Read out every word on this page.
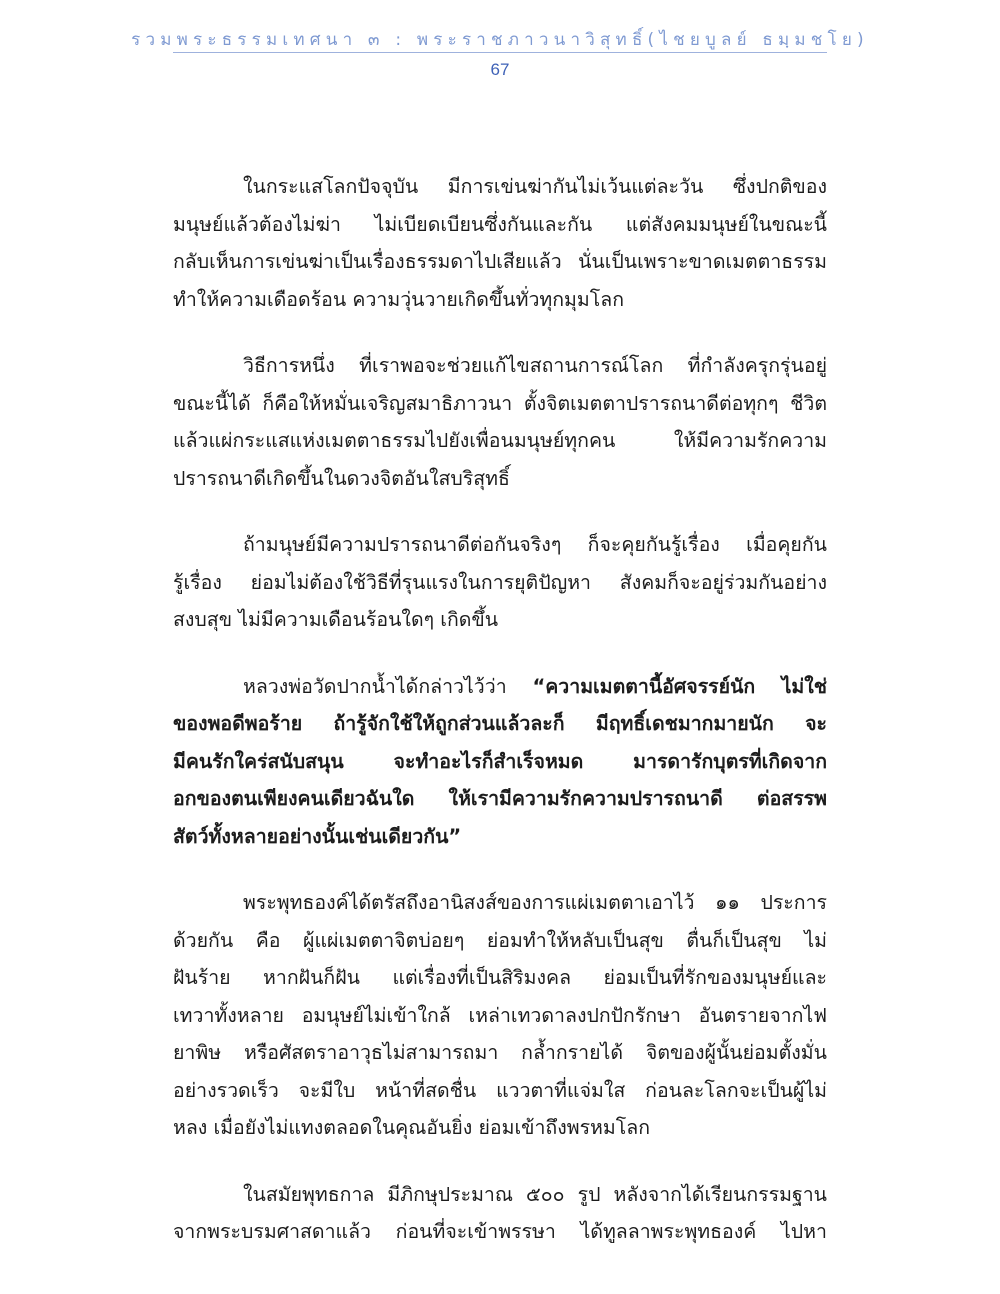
รวมพระธรรมเทศนา ๓ : พระราชภาวนาวิสุทธิ์(ไชยบูลย์ ธมฺมชโย)
67

ในกระแสโลกปัจจุบัน มีการเข่นฆ่ากันไม่เว้นแต่ละวัน ซึ่งปกติของ
มนุษย์แล้วต้องไม่ฆ่า ไม่เบียดเบียนซึ่งกันและกัน แต่สังคมมนุษย์ในขณะนี้
กลับเห็นการเข่นฆ่าเป็นเรื่องธรรมดาไปเสียแล้ว นั่นเป็นเพราะขาดเมตตาธรรม
ทำให้ความเดือดร้อน ความวุ่นวายเกิดขึ้นทั่วทุกมุมโลก

วิธีการหนึ่ง ที่เราพอจะช่วยแก้ไขสถานการณ์โลก ที่กำลังครุกรุ่นอยู่
ขณะนี้ได้ ก็คือให้หมั่นเจริญสมาธิภาวนา ตั้งจิตเมตตาปรารถนาดีต่อทุกๆ ชีวิต
แล้วแผ่กระแสแห่งเมตตาธรรมไปยังเพื่อนมนุษย์ทุกคน ให้มีความรักความ
ปรารถนาดีเกิดขึ้นในดวงจิตอันใสบริสุทธิ์

ถ้ามนุษย์มีความปรารถนาดีต่อกันจริงๆ ก็จะคุยกันรู้เรื่อง เมื่อคุยกัน
รู้เรื่อง ย่อมไม่ต้องใช้วิธีที่รุนแรงในการยุติปัญหา สังคมก็จะอยู่ร่วมกันอย่าง
สงบสุข ไม่มีความเดือนร้อนใดๆ เกิดขึ้น

หลวงพ่อวัดปากน้ำได้กล่าวไว้ว่า “ความเมตตานี้อัศจรรย์นัก ไม่ใช่
ของพอดีพอร้าย ถ้ารู้จักใช้ให้ถูกส่วนแล้วละก็ มีฤทธิ์เดชมากมายนัก จะ
มีคนรักใคร่สนับสนุน จะทำอะไรก็สำเร็จหมด มารดารักบุตรที่เกิดจาก
อกของตนเพียงคนเดียวฉันใด ให้เรามีความรักความปรารถนาดี ต่อสรรพ
สัตว์ทั้งหลายอย่างนั้นเช่นเดียวกัน”

พระพุทธองค์ได้ตรัสถึงอานิสงส์ของการแผ่เมตตาเอาไว้ ๑๑ ประการ
ด้วยกัน คือ ผู้แผ่เมตตาจิตบ่อยๆ ย่อมทำให้หลับเป็นสุข ตื่นก็เป็นสุข ไม่
ฝันร้าย หากฝันก็ฝัน แต่เรื่องที่เป็นสิริมงคล ย่อมเป็นที่รักของมนุษย์และ
เทวาทั้งหลาย อมนุษย์ไม่เข้าใกล้ เหล่าเทวดาลงปกปักรักษา อันตรายจากไฟ
ยาพิษ หรือศัสตราอาวุธไม่สามารถมา กล้ำกรายได้ จิตของผู้นั้นย่อมตั้งมั่น
อย่างรวดเร็ว จะมีใบ หน้าที่สดชื่น แววตาที่แจ่มใส ก่อนละโลกจะเป็นผู้ไม่
หลง เมื่อยังไม่แทงตลอดในคุณอันยิ่ง ย่อมเข้าถึงพรหมโลก

ในสมัยพุทธกาล มีภิกษุประมาณ ๕๐๐ รูป หลังจากได้เรียนกรรมฐาน
จากพระบรมศาสดาแล้ว ก่อนที่จะเข้าพรรษา ได้ทูลลาพระพุทธองค์ ไปหา
